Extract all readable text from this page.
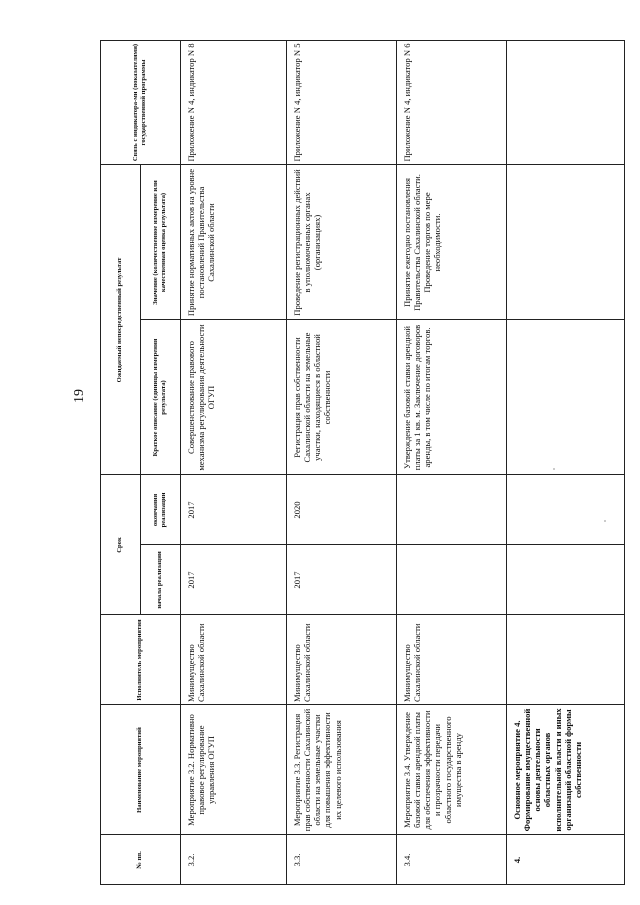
19
№ пп.
Наименование мероприятий
Исполнитель мероприятия
Срок
начала реализации
окончания реализации
Ожидаемый непосредственный результат
Краткое описание (единицы измерения результата)
Значение (количественное измерение или качественная оценка результата)
Связь с индикатора-ми (показателями) государственной программы
3.2.
Мероприятие 3.2. Нормативно правовое регулирование управления ОГУП
Минимущество Сахалинской области
2017
2017
Совершенствование правового механизма регулирования деятельности ОГУП
Принятие нормативных актов на уровне постановлений Правительства Сахалинской области
Приложение N 4, индикатор N 8
3.3.
Мероприятие 3.3. Регистрация прав собственности Сахалинской области на земельные участки для повышения эффективности их целевого использования
Минимущество Сахалинской области
2017
2020
Регистрация прав собственности Сахалинской области на земельные участки, находящиеся в областной собственности
Проведение регистрационных действий в уполномоченных органах (организациях)
Приложение N 4, индикатор N 5
3.4.
Мероприятие 3.4. Утверждение базовой ставки арендной платы для обеспечения эффективности и прозрачности передачи областного государственного имущества в аренду
Минимущество Сахалинской области
Утверждение базовой ставки арендной платы за 1 кв. м. Заключение договоров аренды, в том числе по итогам торгов.
Принятие ежегодно постановления Правительства Сахалинской области. Проведение торгов по мере необходимости.
Приложение N 4, индикатор N 6
4.
Основное мероприятие 4. Формирование имущественной основы деятельности областных органов исполнительной власти и иных организаций областной формы собственности
